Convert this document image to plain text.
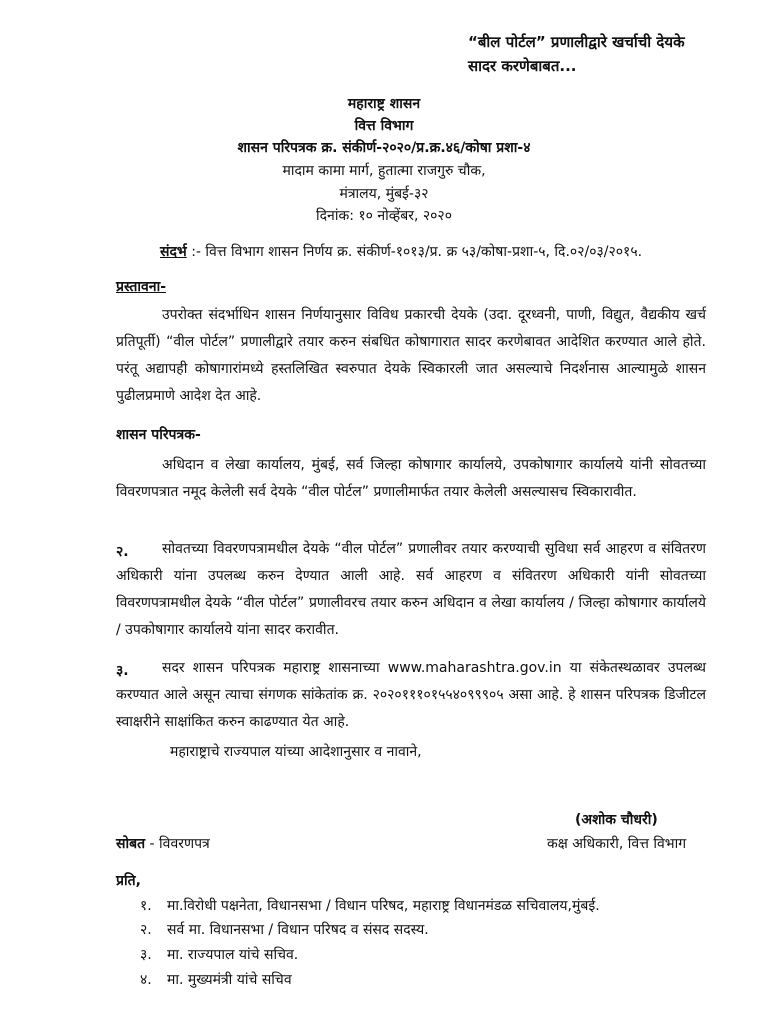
“बील पोर्टल” प्रणालीद्वारे खर्चाची देयके
सादर करणेबाबत...
महाराष्ट्र शासन
वित्त विभाग
शासन परिपत्रक क्र. संकीर्ण-२०२०/प्र.क्र.४६/कोषा प्रशा-४
मादाम कामा मार्ग, हुतात्मा राजगुरु चौक,
मंत्रालय, मुंबई-३२
दिनांक: १० नोव्हेंबर, २०२०
संदर्भ :- वित्त विभाग शासन निर्णय क्र. संकीर्ण-१०१३/प्र. क्र ५३/कोषा-प्रशा-५, दि.०२/०३/२०१५.
प्रस्तावना-
उपरोक्त संदर्भाधिन शासन निर्णयानुसार विविध प्रकारची देयके (उदा. दूरध्वनी, पाणी, विद्युत, वैद्यकीय खर्च प्रतिपूर्ती) “वील पोर्टल” प्रणालीद्वारे तयार करुन संबधित कोषागारात सादर करणेबावत आदेशित करण्यात आले होते. परंतू अद्यापही कोषागारांमध्ये हस्तलिखित स्वरुपात देयके स्विकारली जात असल्याचे निदर्शनास आल्यामुळे शासन पुढीलप्रमाणे आदेश देत आहे.
शासन परिपत्रक-
अधिदान व लेखा कार्यालय, मुंबई, सर्व जिल्हा कोषागार कार्यालये, उपकोषागार कार्यालये यांनी सोवतच्या विवरणपत्रात नमूद केलेली सर्व देयके “वील पोर्टल” प्रणालीमार्फत तयार केलेली असल्यासच स्विकारावीत.
२.	सोवतच्या विवरणपत्रामधील देयके “वील पोर्टल” प्रणालीवर तयार करण्याची सुविधा सर्व आहरण व संवितरण अधिकारी यांना उपलब्ध करुन देण्यात आली आहे. सर्व आहरण व संवितरण अधिकारी यांनी सोवतच्या विवरणपत्रामधील देयके “वील पोर्टल” प्रणालीवरच तयार करुन अधिदान व लेखा कार्यालय / जिल्हा कोषागार कार्यालये / उपकोषागार कार्यालये यांना सादर करावीत.
३.	सदर शासन परिपत्रक महाराष्ट्र शासनाच्या www.maharashtra.gov.in या संकेतस्थळावर उपलब्ध करण्यात आले असून त्याचा संगणक सांकेतांक क्र. २०२०१११०१५५४०९९९०५ असा आहे. हे शासन परिपत्रक डिजीटल स्वाक्षरीने साक्षांकित करुन काढण्यात येत आहे.
महाराष्ट्राचे राज्यपाल यांच्या आदेशानुसार व नावाने,
(अशोक चौधरी)
कक्ष अधिकारी, वित्त विभाग
सोबत - विवरणपत्र
प्रति,
१. मा.विरोधी पक्षनेता, विधानसभा / विधान परिषद, महाराष्ट्र विधानमंडळ सचिवालय,मुंबई.
२. सर्व मा. विधानसभा / विधान परिषद व संसद सदस्य.
३. मा. राज्यपाल यांचे सचिव.
४. मा. मुख्यमंत्री यांचे सचिव
